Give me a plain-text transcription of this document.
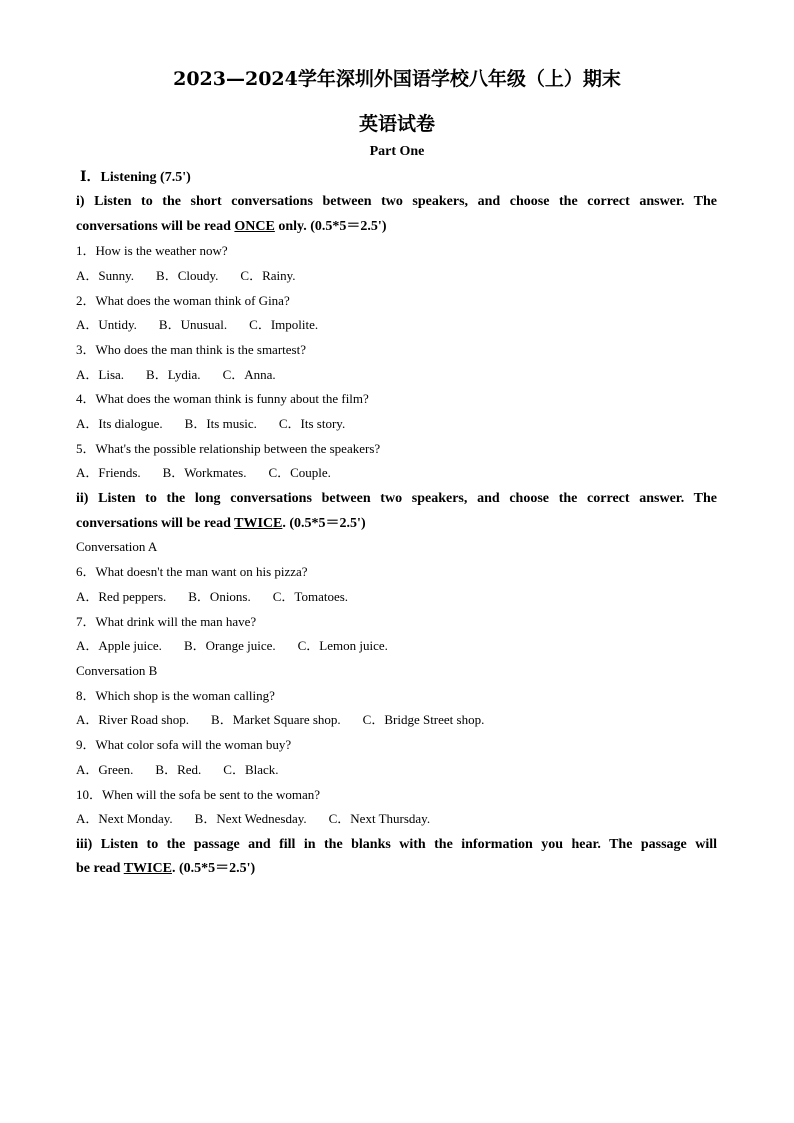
2023—2024学年深圳外国语学校八年级（上）期末
英语试卷
Part One
Ⅰ．Listening (7.5')
i) Listen to the short conversations between two speakers, and choose the correct answer. The
conversations will be read ONCE only. (0.5*5＝2.5')
1．How is the weather now?
A．Sunny. B．Cloudy. C．Rainy.
2．What does the woman think of Gina?
A．Untidy. B．Unusual. C．Impolite.
3．Who does the man think is the smartest?
A．Lisa. B．Lydia. C．Anna.
4．What does the woman think is funny about the film?
A．Its dialogue. B．Its music. C．Its story.
5．What's the possible relationship between the speakers?
A．Friends. B．Workmates. C．Couple.
ii) Listen to the long conversations between two speakers, and choose the correct answer. The
conversations will be read TWICE. (0.5*5＝2.5')
Conversation A
6．What doesn't the man want on his pizza?
A．Red peppers. B．Onions. C．Tomatoes.
7．What drink will the man have?
A．Apple juice. B．Orange juice. C．Lemon juice.
Conversation B
8．Which shop is the woman calling?
A．River Road shop. B．Market Square shop. C．Bridge Street shop.
9．What color sofa will the woman buy?
A．Green. B．Red. C．Black.
10．When will the sofa be sent to the woman?
A．Next Monday. B．Next Wednesday. C．Next Thursday.
iii) Listen to the passage and fill in the blanks with the information you hear. The passage will
be read TWICE. (0.5*5＝2.5')
